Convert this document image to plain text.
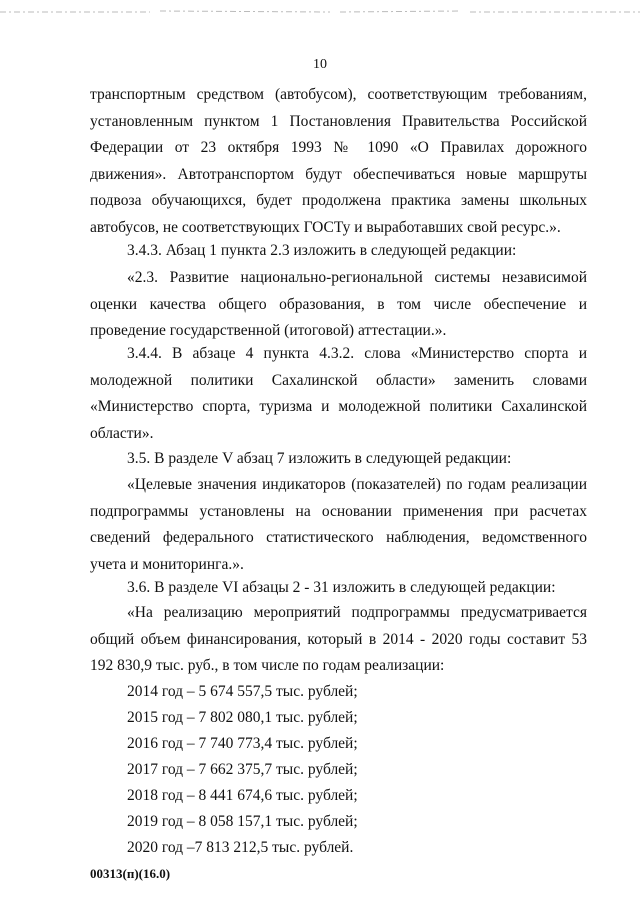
10

транспортным средством (автобусом), соответствующим требованиям, установленным пунктом 1 Постановления Правительства Российской Федерации от 23 октября 1993 № 1090 «О Правилах дорожного движения». Автотранспортом будут обеспечиваться новые маршруты подвоза обучающихся, будет продолжена практика замены школьных автобусов, не соответствующих ГОСТу и выработавших свой ресурс.».

3.4.3. Абзац 1 пункта 2.3 изложить в следующей редакции:

«2.3. Развитие национально-региональной системы независимой оценки качества общего образования, в том числе обеспечение и проведение государственной (итоговой) аттестации.».

3.4.4. В абзаце 4 пункта 4.3.2. слова «Министерство спорта и молодежной политики Сахалинской области» заменить словами «Министерство спорта, туризма и молодежной политики Сахалинской области».

3.5. В разделе V абзац 7 изложить в следующей редакции:

«Целевые значения индикаторов (показателей) по годам реализации подпрограммы установлены на основании применения при расчетах сведений федерального статистического наблюдения, ведомственного учета и мониторинга.».

3.6. В разделе VI абзацы 2 - 31 изложить в следующей редакции:

«На реализацию мероприятий подпрограммы предусматривается общий объем финансирования, который в 2014 - 2020 годы составит 53 192 830,9 тыс. руб., в том числе по годам реализации:

2014 год – 5 674 557,5 тыс. рублей;
2015 год – 7 802 080,1 тыс. рублей;
2016 год – 7 740 773,4 тыс. рублей;
2017 год – 7 662 375,7 тыс. рублей;
2018 год – 8 441 674,6 тыс. рублей;
2019 год – 8 058 157,1 тыс. рублей;
2020 год –7 813 212,5 тыс. рублей.
00313(п)(16.0)
